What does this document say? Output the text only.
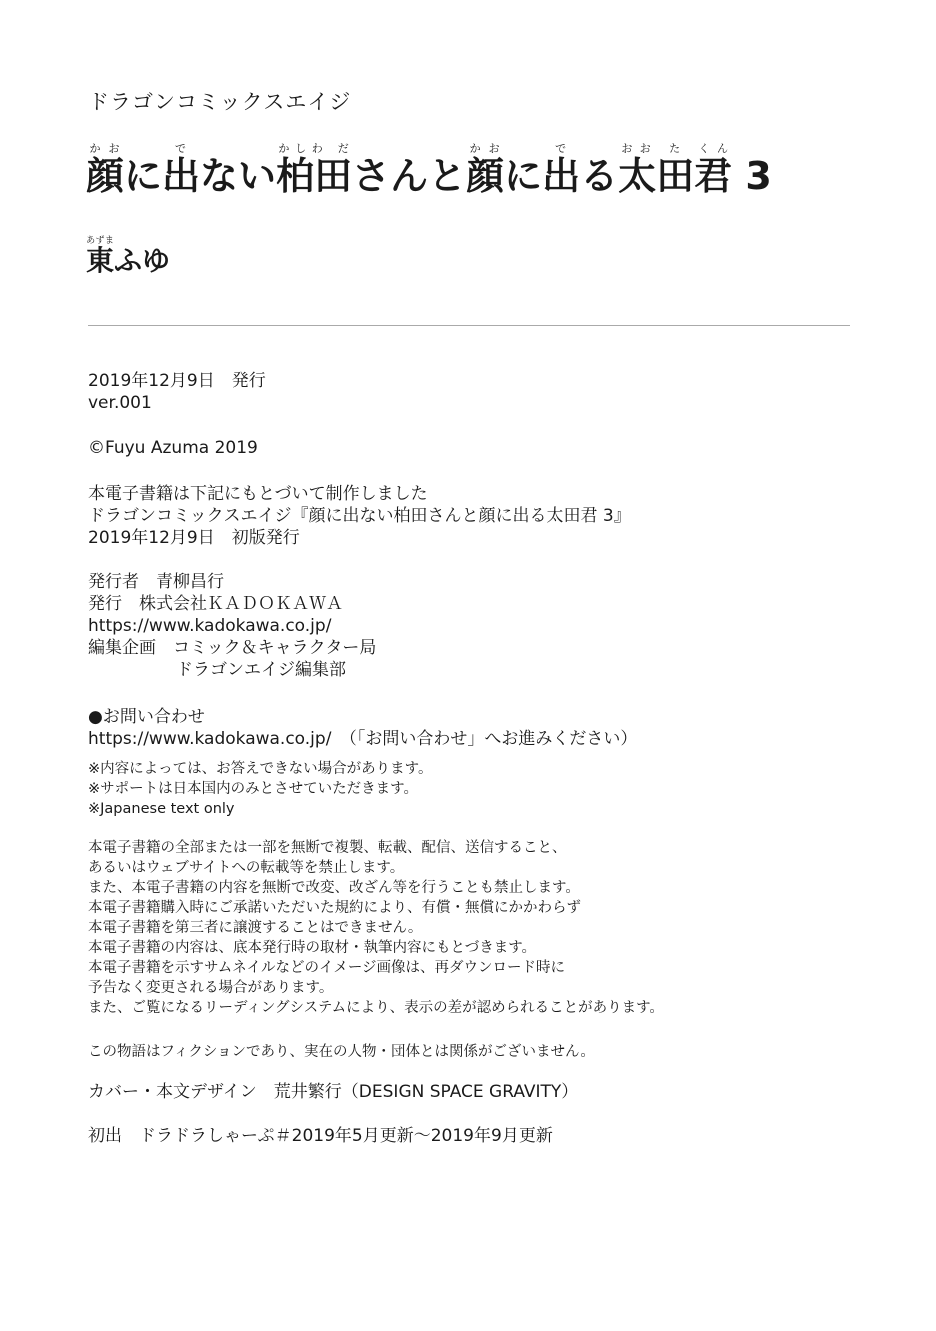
ドラゴンコミックスエイジ
顔かおに出でない柏田かしわ ださんと顔かおに出でる太田君おお た くん 3
東あずまふゆ
2019年12月9日　発行
ver.001
©Fuyu Azuma 2019
本電子書籍は下記にもとづいて制作しました
ドラゴンコミックスエイジ『顔に出ない柏田さんと顔に出る太田君 3』
2019年12月9日　初版発行
発行者　青柳昌行
発行　株式会社ＫＡＤＯＫＡＷＡ
https://www.kadokawa.co.jp/
編集企画　コミック＆キャラクター局
ドラゴンエイジ編集部
●お問い合わせ
https://www.kadokawa.co.jp/　（「お問い合わせ」へお進みください）
※内容によっては、お答えできない場合があります。
※サポートは日本国内のみとさせていただきます。
※Japanese text only
本電子書籍の全部または一部を無断で複製、転載、配信、送信すること、
あるいはウェブサイトへの転載等を禁止します。
また、本電子書籍の内容を無断で改変、改ざん等を行うことも禁止します。
本電子書籍購入時にご承諾いただいた規約により、有償・無償にかかわらず
本電子書籍を第三者に譲渡することはできません。
本電子書籍の内容は、底本発行時の取材・執筆内容にもとづきます。
本電子書籍を示すサムネイルなどのイメージ画像は、再ダウンロード時に
予告なく変更される場合があります。
また、ご覧になるリーディングシステムにより、表示の差が認められることがあります。
この物語はフィクションであり、実在の人物・団体とは関係がございません。
カバー・本文デザイン　荒井繁行（DESIGN SPACE GRAVITY）
初出　ドラドラしゃーぷ＃2019年5月更新〜2019年9月更新
